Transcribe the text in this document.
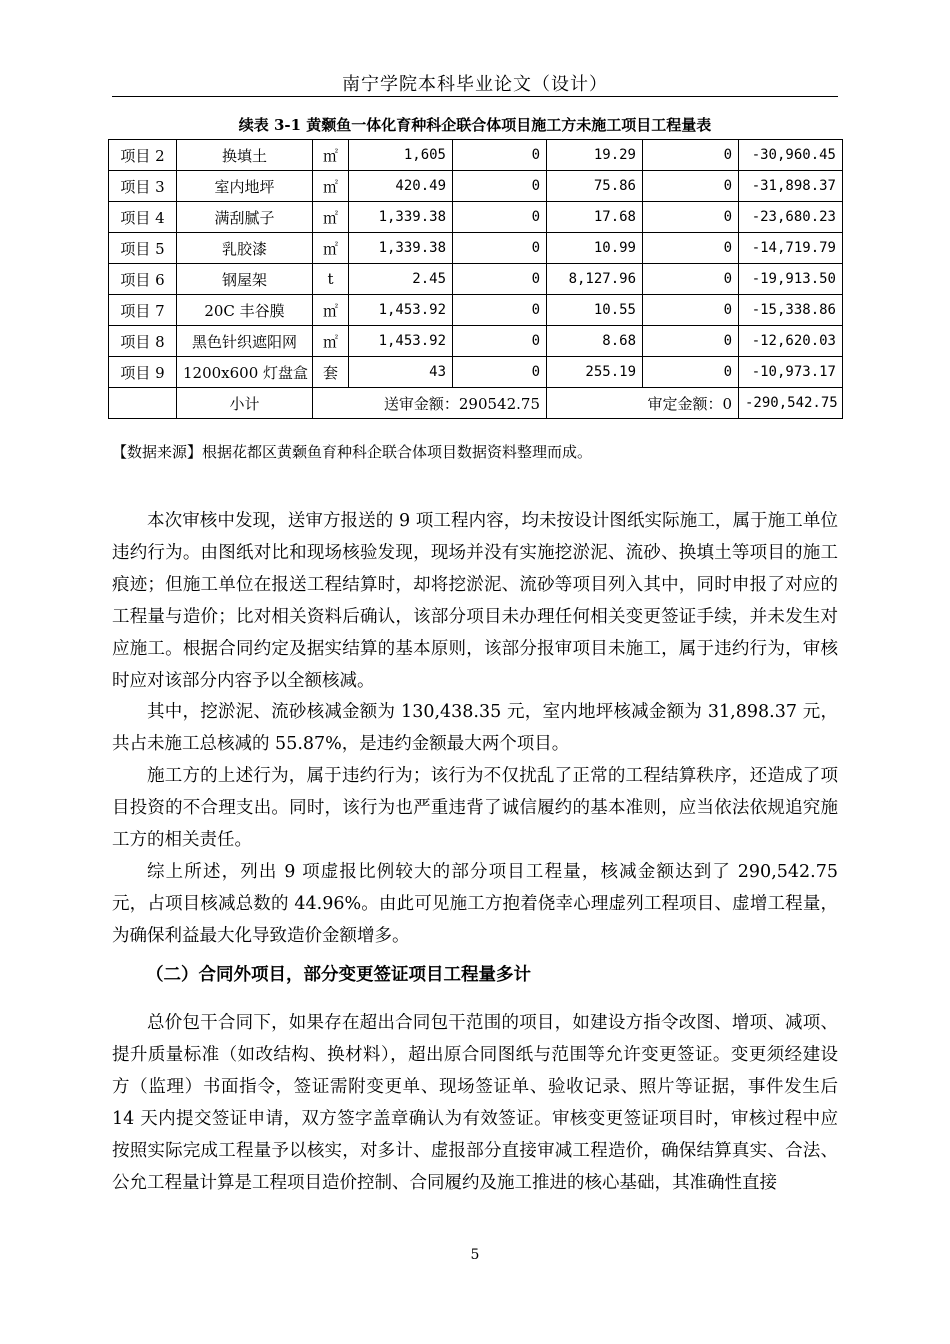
南宁学院本科毕业论文（设计）
续表 3-1 黄颡鱼一体化育种科企联合体项目施工方未施工项目工程量表
项目 2	换填土	㎡	1,605	0	19.29	0	-30,960.45
项目 3	室内地坪	㎡	420.49	0	75.86	0	-31,898.37
项目 4	满刮腻子	㎡	1,339.38	0	17.68	0	-23,680.23
项目 5	乳胶漆	㎡	1,339.38	0	10.99	0	-14,719.79
项目 6	钢屋架	t	2.45	0	8,127.96	0	-19,913.50
项目 7	20C 丰谷膜	㎡	1,453.92	0	10.55	0	-15,338.86
项目 8	黑色针织遮阳网	㎡	1,453.92	0	8.68	0	-12,620.03
项目 9	1200x600 灯盘盒	套	43	0	255.19	0	-10,973.17
	小计	送审金额：290542.75			审定金额：0		-290,542.75
【数据来源】根据花都区黄颡鱼育种科企联合体项目数据资料整理而成。

本次审核中发现，送审方报送的 9 项工程内容，均未按设计图纸实际施工，属于施工单位违约行为。由图纸对比和现场核验发现，现场并没有实施挖淤泥、流砂、换填土等项目的施工痕迹；但施工单位在报送工程结算时，却将挖淤泥、流砂等项目列入其中，同时申报了对应的工程量与造价；比对相关资料后确认，该部分项目未办理任何相关变更签证手续，并未发生对应施工。根据合同约定及据实结算的基本原则，该部分报审项目未施工，属于违约行为，审核时应对该部分内容予以全额核减。

其中，挖淤泥、流砂核减金额为 130,438.35 元，室内地坪核减金额为 31,898.37 元，共占未施工总核减的 55.87%，是违约金额最大两个项目。

施工方的上述行为，属于违约行为；该行为不仅扰乱了正常的工程结算秩序，还造成了项目投资的不合理支出。同时，该行为也严重违背了诚信履约的基本准则，应当依法依规追究施工方的相关责任。

综上所述，列出 9 项虚报比例较大的部分项目工程量，核减金额达到了 290,542.75 元，占项目核减总数的 44.96%。由此可见施工方抱着侥幸心理虚列工程项目、虚增工程量，为确保利益最大化导致造价金额增多。

（二）合同外项目，部分变更签证项目工程量多计

总价包干合同下，如果存在超出合同包干范围的项目，如建设方指令改图、增项、减项、提升质量标准（如改结构、换材料），超出原合同图纸与范围等允许变更签证。变更须经建设方（监理）书面指令，签证需附变更单、现场签证单、验收记录、照片等证据，事件发生后 14 天内提交签证申请，双方签字盖章确认为有效签证。审核变更签证项目时，审核过程中应按照实际完成工程量予以核实，对多计、虚报部分直接审减工程造价，确保结算真实、合法、公允 工程量计算是工程项目造价控制、合同履约及施工推进的核心基础，其准确性直接

5
